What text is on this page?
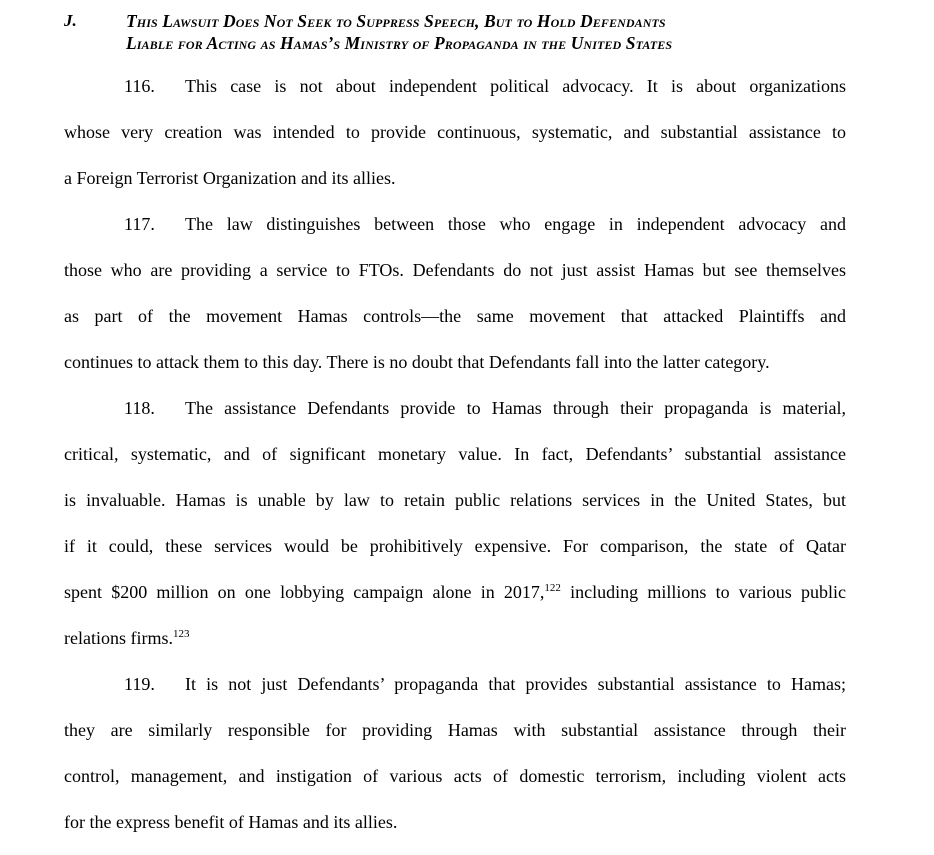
J.	This Lawsuit Does Not Seek to Suppress Speech, But to Hold Defendants
Liable for Acting as Hamas’s Ministry of Propaganda in the United States
116. This case is not about independent political advocacy. It is about organizations
whose very creation was intended to provide continuous, systematic, and substantial assistance to
a Foreign Terrorist Organization and its allies.
117. The law distinguishes between those who engage in independent advocacy and
those who are providing a service to FTOs. Defendants do not just assist Hamas but see themselves
as part of the movement Hamas controls—the same movement that attacked Plaintiffs and
continues to attack them to this day. There is no doubt that Defendants fall into the latter category.
118. The assistance Defendants provide to Hamas through their propaganda is material,
critical, systematic, and of significant monetary value. In fact, Defendants’ substantial assistance
is invaluable. Hamas is unable by law to retain public relations services in the United States, but
if it could, these services would be prohibitively expensive. For comparison, the state of Qatar
spent $200 million on one lobbying campaign alone in 2017,$^{122}$ including millions to various public
relations firms.$^{123}$
119. It is not just Defendants’ propaganda that provides substantial assistance to Hamas;
they are similarly responsible for providing Hamas with substantial assistance through their
control, management, and instigation of various acts of domestic terrorism, including violent acts
for the express benefit of Hamas and its allies.
